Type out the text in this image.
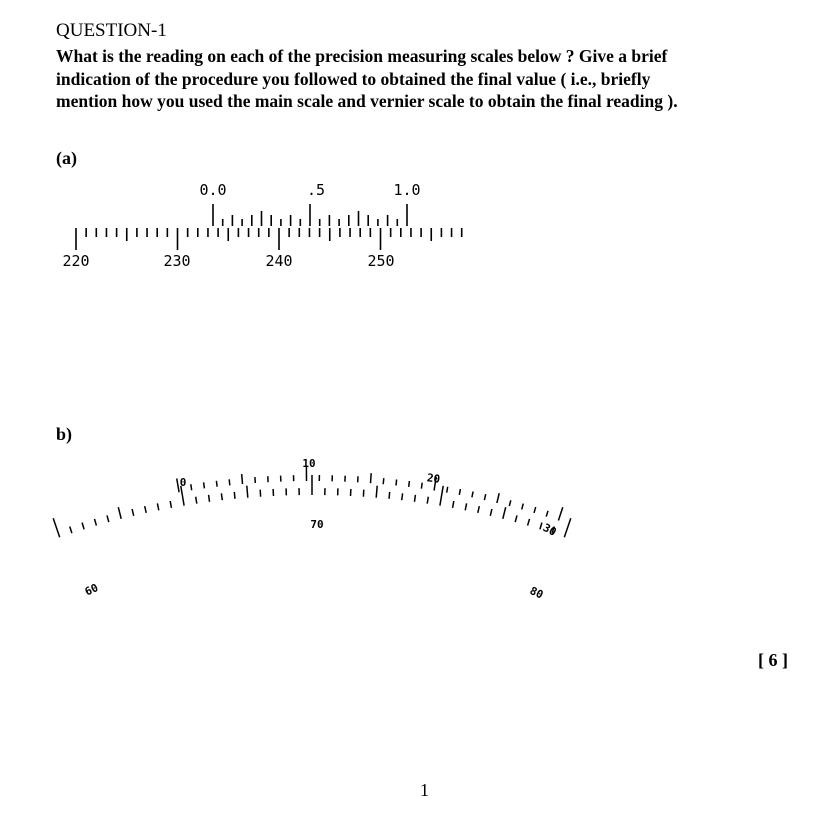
QUESTION-1
What is the reading on each of the precision measuring scales below ? Give a brief
indication of the procedure you followed to obtained the final value ( i.e., briefly
mention how you used the main scale and vernier scale to obtain the final reading ).
(a)
0.0	.5	1.0
220	230	240	250
b)
0
10
20
30
60
70
80
[ 6 ]
1
